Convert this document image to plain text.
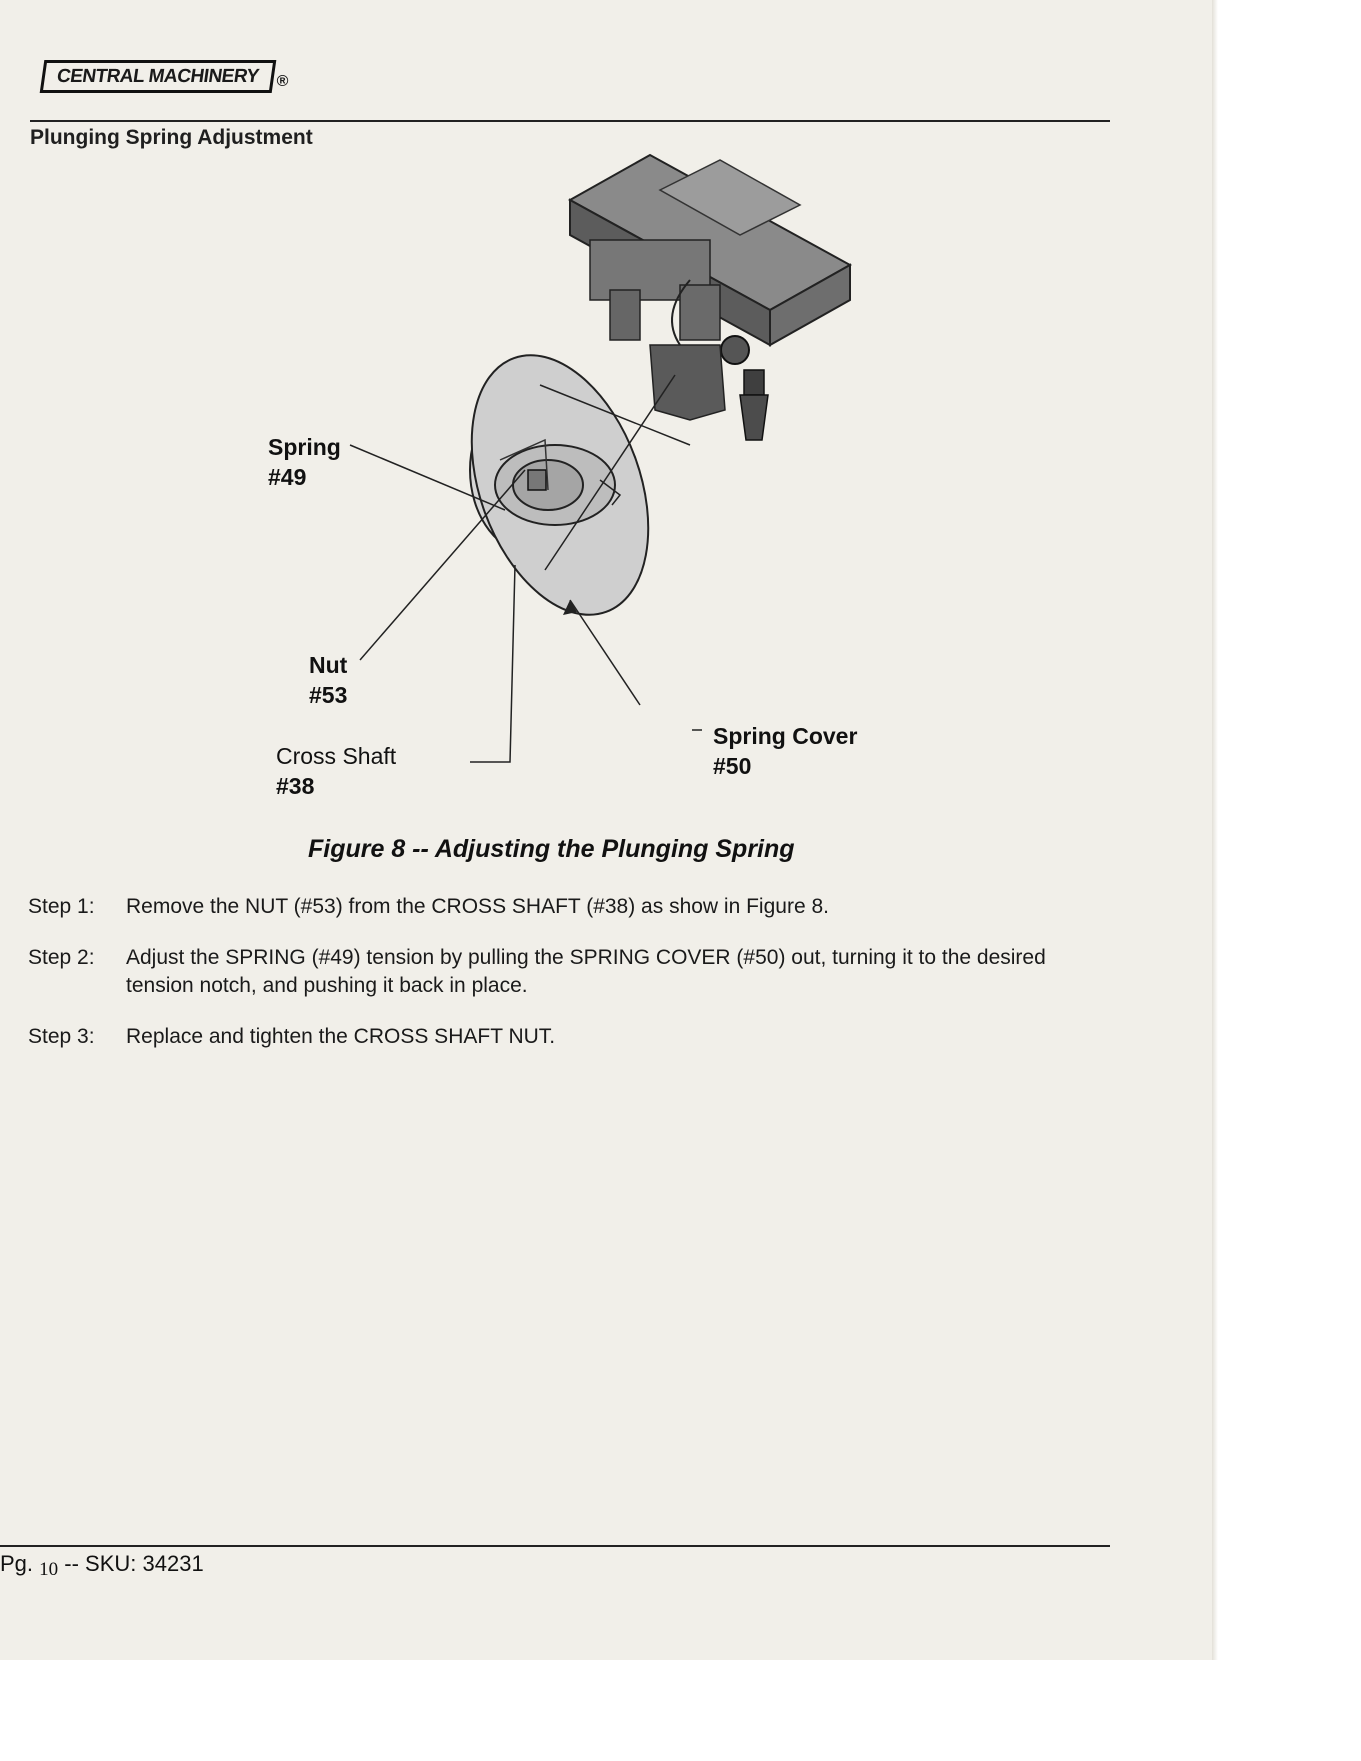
CENTRAL MACHINERY	®
Plunging Spring Adjustment
Spring
#49
Nut
#53
Cross Shaft
#38
Spring Cover
#50

Figure 8 -- Adjusting the Plunging Spring

Step 1:	Remove the NUT (#53) from the CROSS SHAFT (#38) as show in Figure 8.
Step 2:	Adjust the SPRING (#49) tension by pulling the SPRING COVER (#50) out, turning it to the desired tension notch, and pushing it back in place.
Step 3:	Replace and tighten the CROSS SHAFT NUT.
Pg. 10 -- SKU: 34231
